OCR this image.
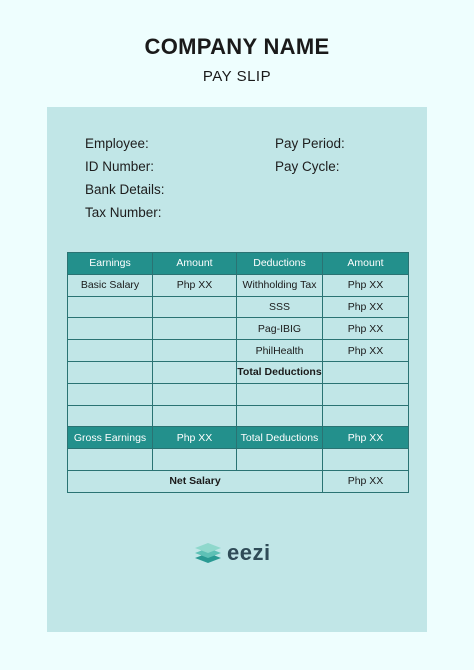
COMPANY NAME
PAY SLIP
Employee:
ID Number:
Bank Details:
Tax Number:
Pay Period:
Pay Cycle:
Earnings	Amount	Deductions	Amount
Basic Salary	Php XX	Withholding Tax	Php XX
		SSS	Php XX
		Pag-IBIG	Php XX
		PhilHealth	Php XX
		Total Deductions	

Gross Earnings	Php XX	Total Deductions	Php XX

Net Salary			Php XX
eezi
